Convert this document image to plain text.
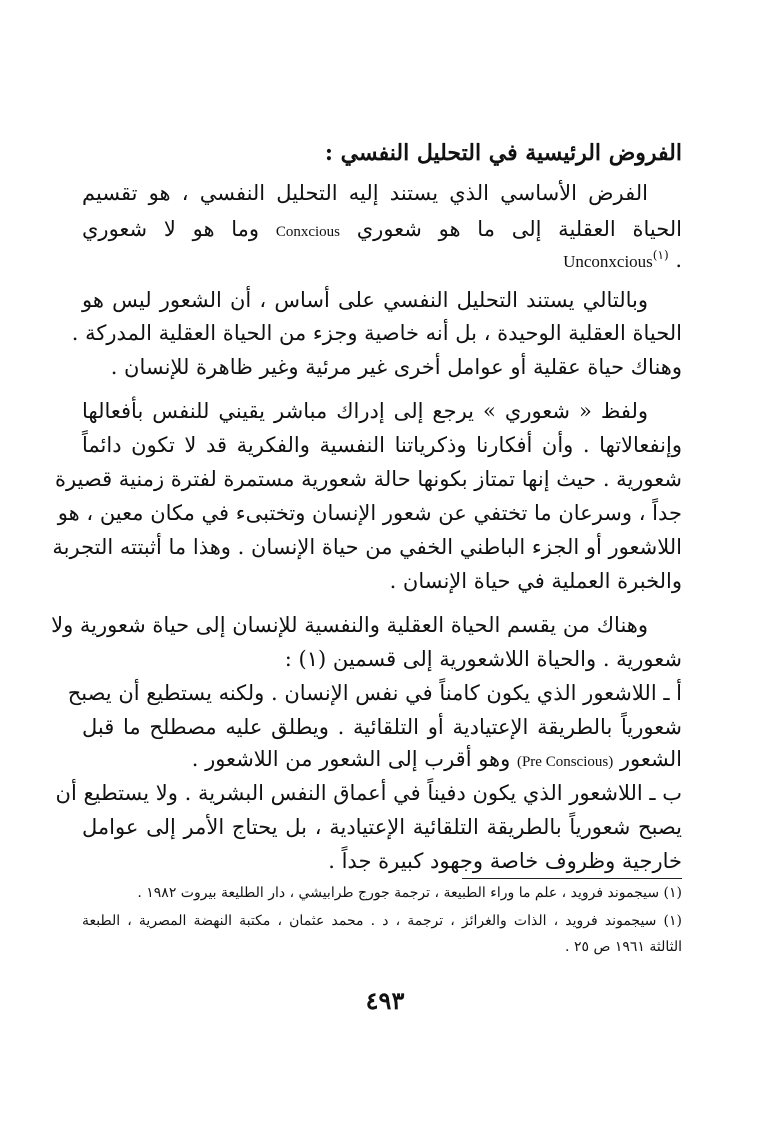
الفروض الرئيسية في التحليل النفسي :
الفرض الأساسي الذي يستند إليه التحليل النفسي ، هو تقسيم
الحياة العقلية إلى ما هو شعوري Conxcious وما هو لا شعوري
. $^{(١)}$Unconxcious
وبالتالي يستند التحليل النفسي على أساس ، أن الشعور ليس هو
الحياة العقلية الوحيدة ، بل أنه خاصية وجزء من الحياة العقلية المدركة .
وهناك حياة عقلية أو عوامل أخرى غير مرئية وغير ظاهرة للإنسان .
ولفظ « شعوري » يرجع إلى إدراك مباشر يقيني للنفس بأفعالها
وإنفعالاتها . وأن أفكارنا وذكرياتنا النفسية والفكرية قد لا تكون دائماً
شعورية . حيث إنها تمتاز بكونها حالة شعورية مستمرة لفترة زمنية قصيرة
جداً ، وسرعان ما تختفي عن شعور الإنسان وتختبىء في مكان معين ، هو
اللاشعور أو الجزء الباطني الخفي من حياة الإنسان . وهذا ما أثبتته التجربة
والخبرة العملية في حياة الإنسان .
وهناك من يقسم الحياة العقلية والنفسية للإنسان إلى حياة شعورية ولا
شعورية . والحياة اللاشعورية إلى قسمين (١) :
أ ـ اللاشعور الذي يكون كامناً في نفس الإنسان . ولكنه يستطيع أن يصبح
شعورياً بالطريقة الإعتيادية أو التلقائية . ويطلق عليه مصطلح ما قبل
الشعور (Pre Conscious) وهو أقرب إلى الشعور من اللاشعور .
ب ـ اللاشعور الذي يكون دفيناً في أعماق النفس البشرية . ولا يستطيع أن
يصبح شعورياً بالطريقة التلقائية الإعتيادية ، بل يحتاج الأمر إلى عوامل
خارجية وظروف خاصة وجهود كبيرة جداً .
(١) سيجموند فرويد ، علم ما وراء الطبيعة ، ترجمة جورج طرابيشي ، دار الطليعة بيروت ١٩٨٢ .
(١) سيجموند فرويد ، الذات والغرائز ، ترجمة ، د . محمد عثمان ، مكتبة النهضة المصرية ، الطبعة
الثالثة ١٩٦١ ص ٢٥ .
٤٩٣
